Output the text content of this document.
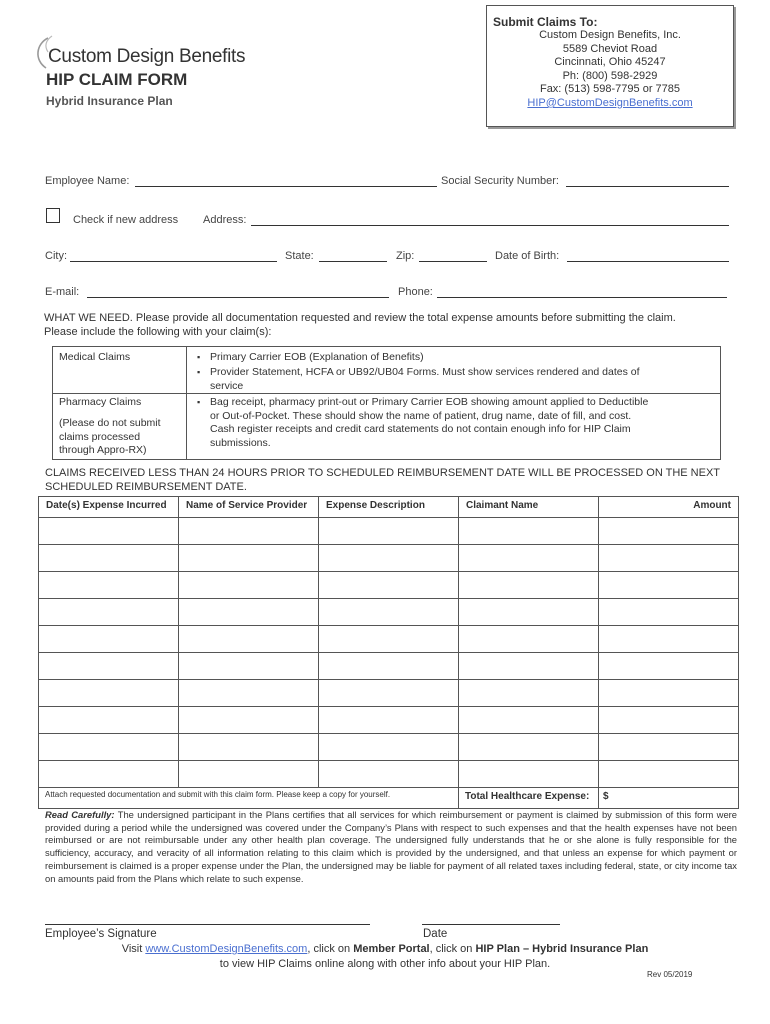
Custom Design Benefits
HIP CLAIM FORM
Hybrid Insurance Plan
Submit Claims To:
Custom Design Benefits, Inc.
5589 Cheviot Road
Cincinnati, Ohio 45247
Ph: (800) 598-2929
Fax: (513) 598-7795 or 7785
HIP@CustomDesignBenefits.com
Employee Name:	Social Security Number:
Check if new address Address:
City:	State:	Zip:	Date of Birth:
E-mail:	Phone:
WHAT WE NEED. Please provide all documentation requested and review the total expense amounts before submitting the claim.
Please include the following with your claim(s):
Medical Claims
▪	Primary Carrier EOB (Explanation of Benefits)
▪ Provider Statement, HCFA or UB92/UB04 Forms. Must show services rendered and dates of
service
Pharmacy Claims
(Please do not submit
claims processed
through Appro-RX)
▪ Bag receipt, pharmacy print-out or Primary Carrier EOB showing amount applied to Deductible
or Out-of-Pocket. These should show the name of patient, drug name, date of fill, and cost.
Cash register receipts and credit card statements do not contain enough info for HIP Claim
submissions.
CLAIMS RECEIVED LESS THAN 24 HOURS PRIOR TO SCHEDULED REIMBURSEMENT DATE WILL BE PROCESSED ON THE NEXT
SCHEDULED REIMBURSEMENT DATE.
Date(s) Expense Incurred Name of Service Provider Expense Description	Claimant Name	Amount
Attach requested documentation and submit with this claim form. Please keep a copy for yourself.	Total Healthcare Expense: $
Read Carefully: The undersigned participant in the Plans certifies that all services for which reimbursement or payment is claimed by submission of this form were provided during a period while the undersigned was covered under the Company’s Plans with respect to such expenses and that the health expenses have not been reimbursed or are not reimbursable under any other health plan coverage. The undersigned fully understands that he or she alone is fully responsible for the sufficiency, accuracy, and veracity of all information relating to this claim which is provided by the undersigned, and that unless an expense for which payment or reimbursement is claimed is a proper expense under the Plan, the undersigned may be liable for payment of all related taxes including federal, state, or city income tax on amounts paid from the Plans which relate to such expense.
Employee’s Signature	Date
Visit www.CustomDesignBenefits.com, click on Member Portal, click on HIP Plan – Hybrid Insurance Plan
to view HIP Claims online along with other info about your HIP Plan.
Rev 05/2019
